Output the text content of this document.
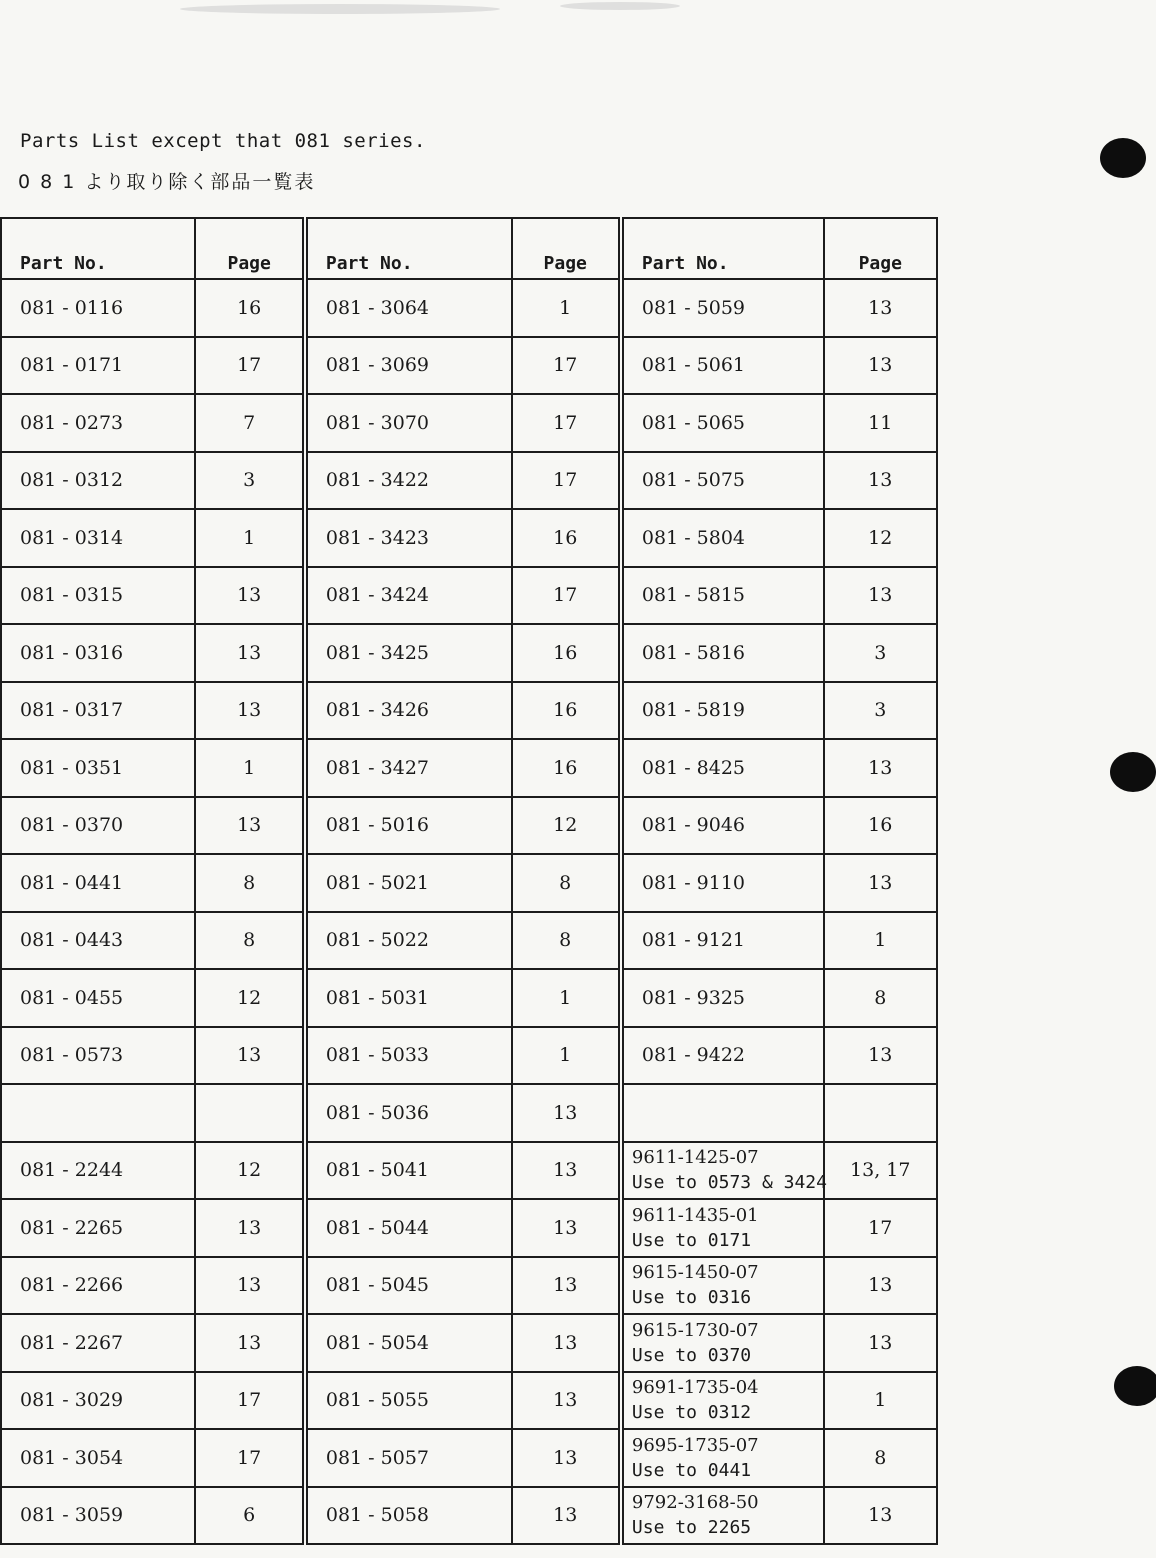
Parts List except that 081 series.
0 8 1 より取り除く部品一覧表
Part No.	Page	Part No.	Page	Part No.	Page
081 - 0116	16	081 - 3064	1	081 - 5059	13
081 - 0171	17	081 - 3069	17	081 - 5061	13
081 - 0273	7	081 - 3070	17	081 - 5065	11
081 - 0312	3	081 - 3422	17	081 - 5075	13
081 - 0314	1	081 - 3423	16	081 - 5804	12
081 - 0315	13	081 - 3424	17	081 - 5815	13
081 - 0316	13	081 - 3425	16	081 - 5816	3
081 - 0317	13	081 - 3426	16	081 - 5819	3
081 - 0351	1	081 - 3427	16	081 - 8425	13
081 - 0370	13	081 - 5016	12	081 - 9046	16
081 - 0441	8	081 - 5021	8	081 - 9110	13
081 - 0443	8	081 - 5022	8	081 - 9121	1
081 - 0455	12	081 - 5031	1	081 - 9325	8
081 - 0573	13	081 - 5033	1	081 - 9422	13
		081 - 5036	13		
081 - 2244	12	081 - 5041	13	9611-1425-07
Use to 0573 & 3424	13, 17
081 - 2265	13	081 - 5044	13	9611-1435-01
Use to 0171	17
081 - 2266	13	081 - 5045	13	9615-1450-07
Use to 0316	13
081 - 2267	13	081 - 5054	13	9615-1730-07
Use to 0370	13
081 - 3029	17	081 - 5055	13	9691-1735-04
Use to 0312	1
081 - 3054	17	081 - 5057	13	9695-1735-07
Use to 0441	8
081 - 3059	6	081 - 5058	13	9792-3168-50
Use to 2265	13
